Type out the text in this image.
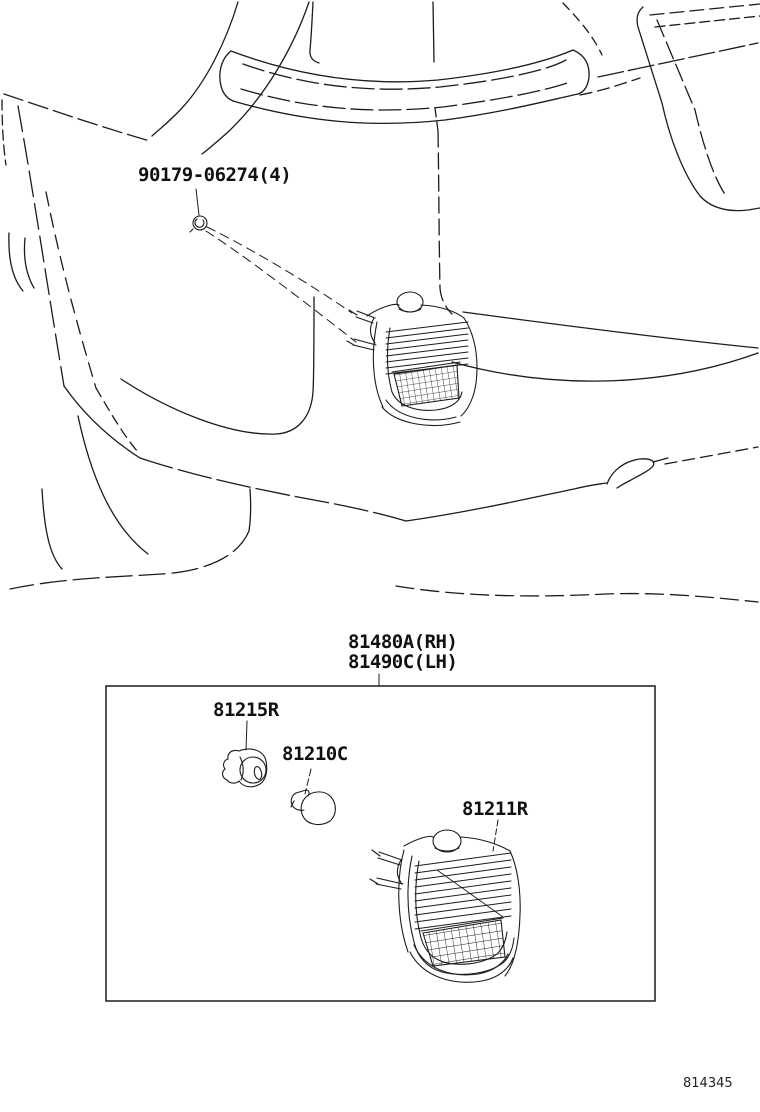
90179-06274(4)
81480A(RH)
81490C(LH)
81215R
81210C
81211R
814345
